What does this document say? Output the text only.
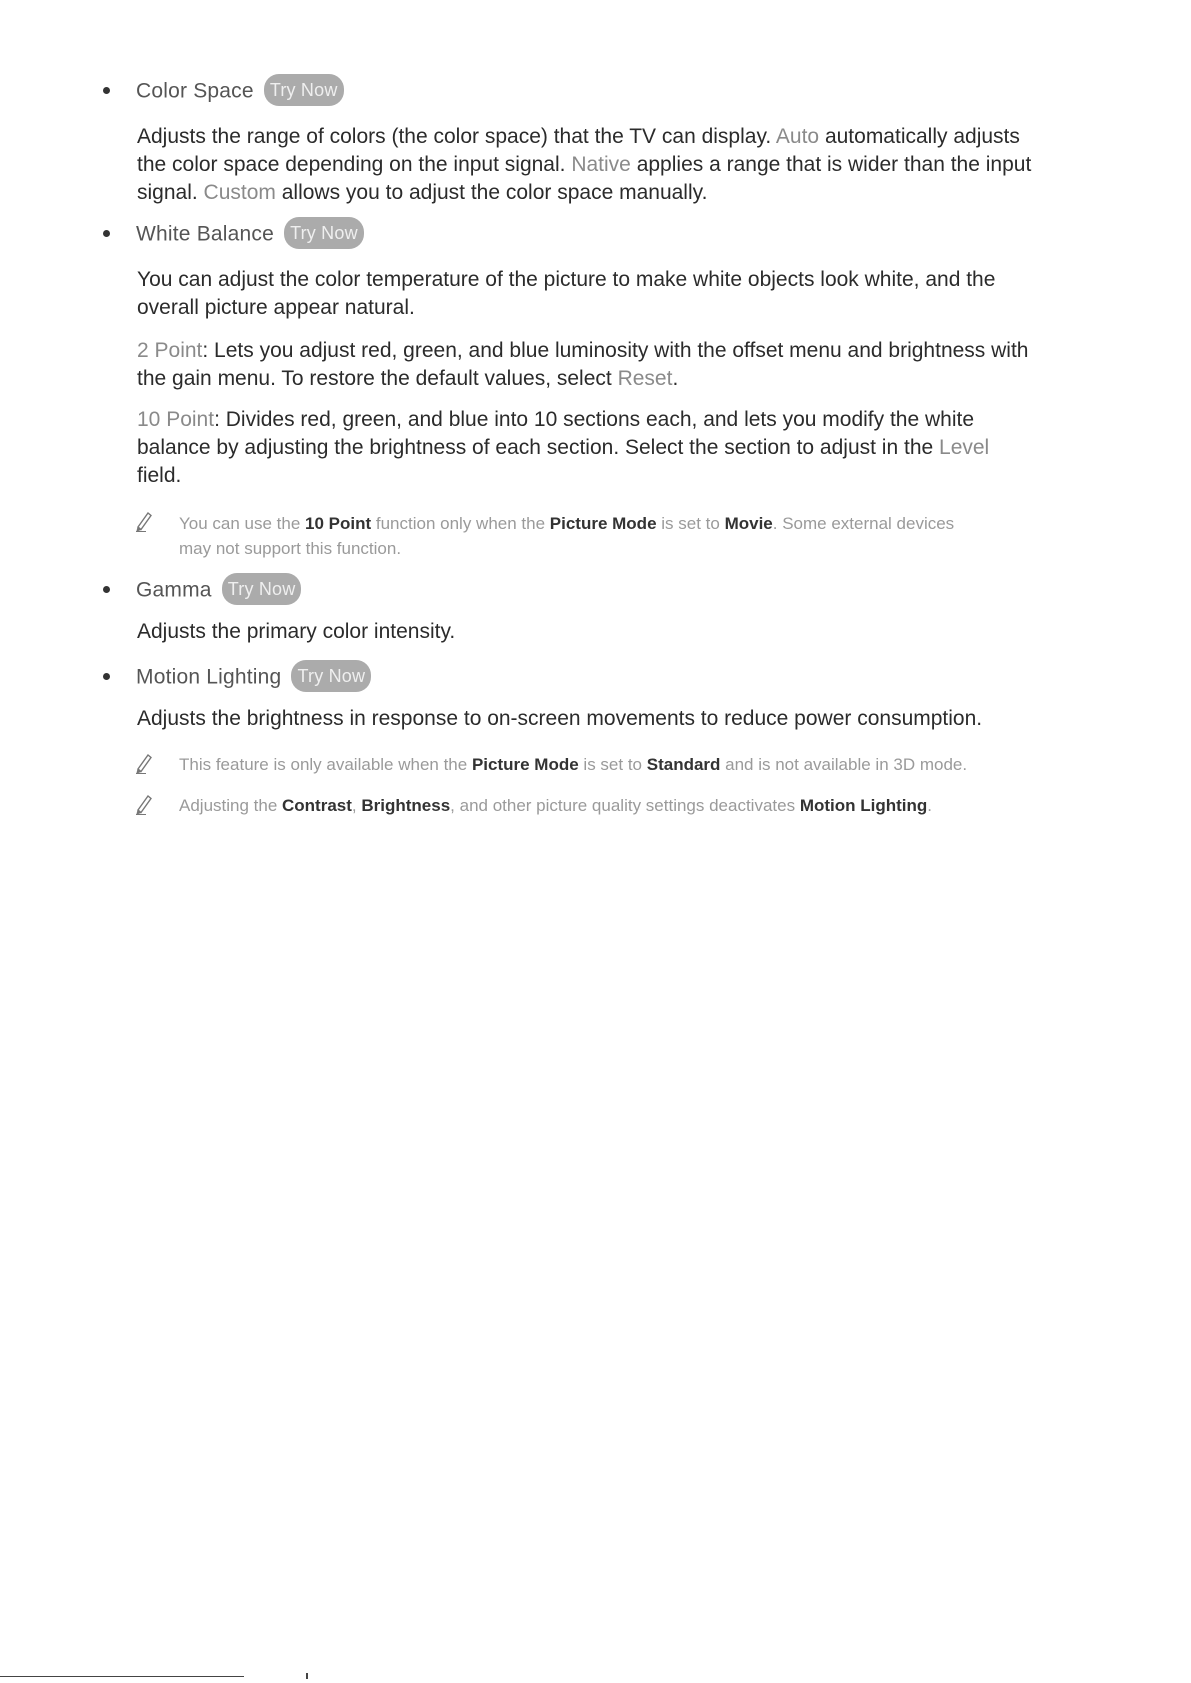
Color Space Try Now
Adjusts the range of colors (the color space) that the TV can display. Auto automatically adjusts
the color space depending on the input signal. Native applies a range that is wider than the input
signal. Custom allows you to adjust the color space manually.
White Balance Try Now
You can adjust the color temperature of the picture to make white objects look white, and the
overall picture appear natural.
2 Point: Lets you adjust red, green, and blue luminosity with the offset menu and brightness with
the gain menu. To restore the default values, select Reset.
10 Point: Divides red, green, and blue into 10 sections each, and lets you modify the white
balance by adjusting the brightness of each section. Select the section to adjust in the Level
field.
You can use the 10 Point function only when the Picture Mode is set to Movie. Some external devices
may not support this function.
Gamma Try Now
Adjusts the primary color intensity.
Motion Lighting Try Now
Adjusts the brightness in response to on-screen movements to reduce power consumption.
This feature is only available when the Picture Mode is set to Standard and is not available in 3D mode.
Adjusting the Contrast, Brightness, and other picture quality settings deactivates Motion Lighting.
